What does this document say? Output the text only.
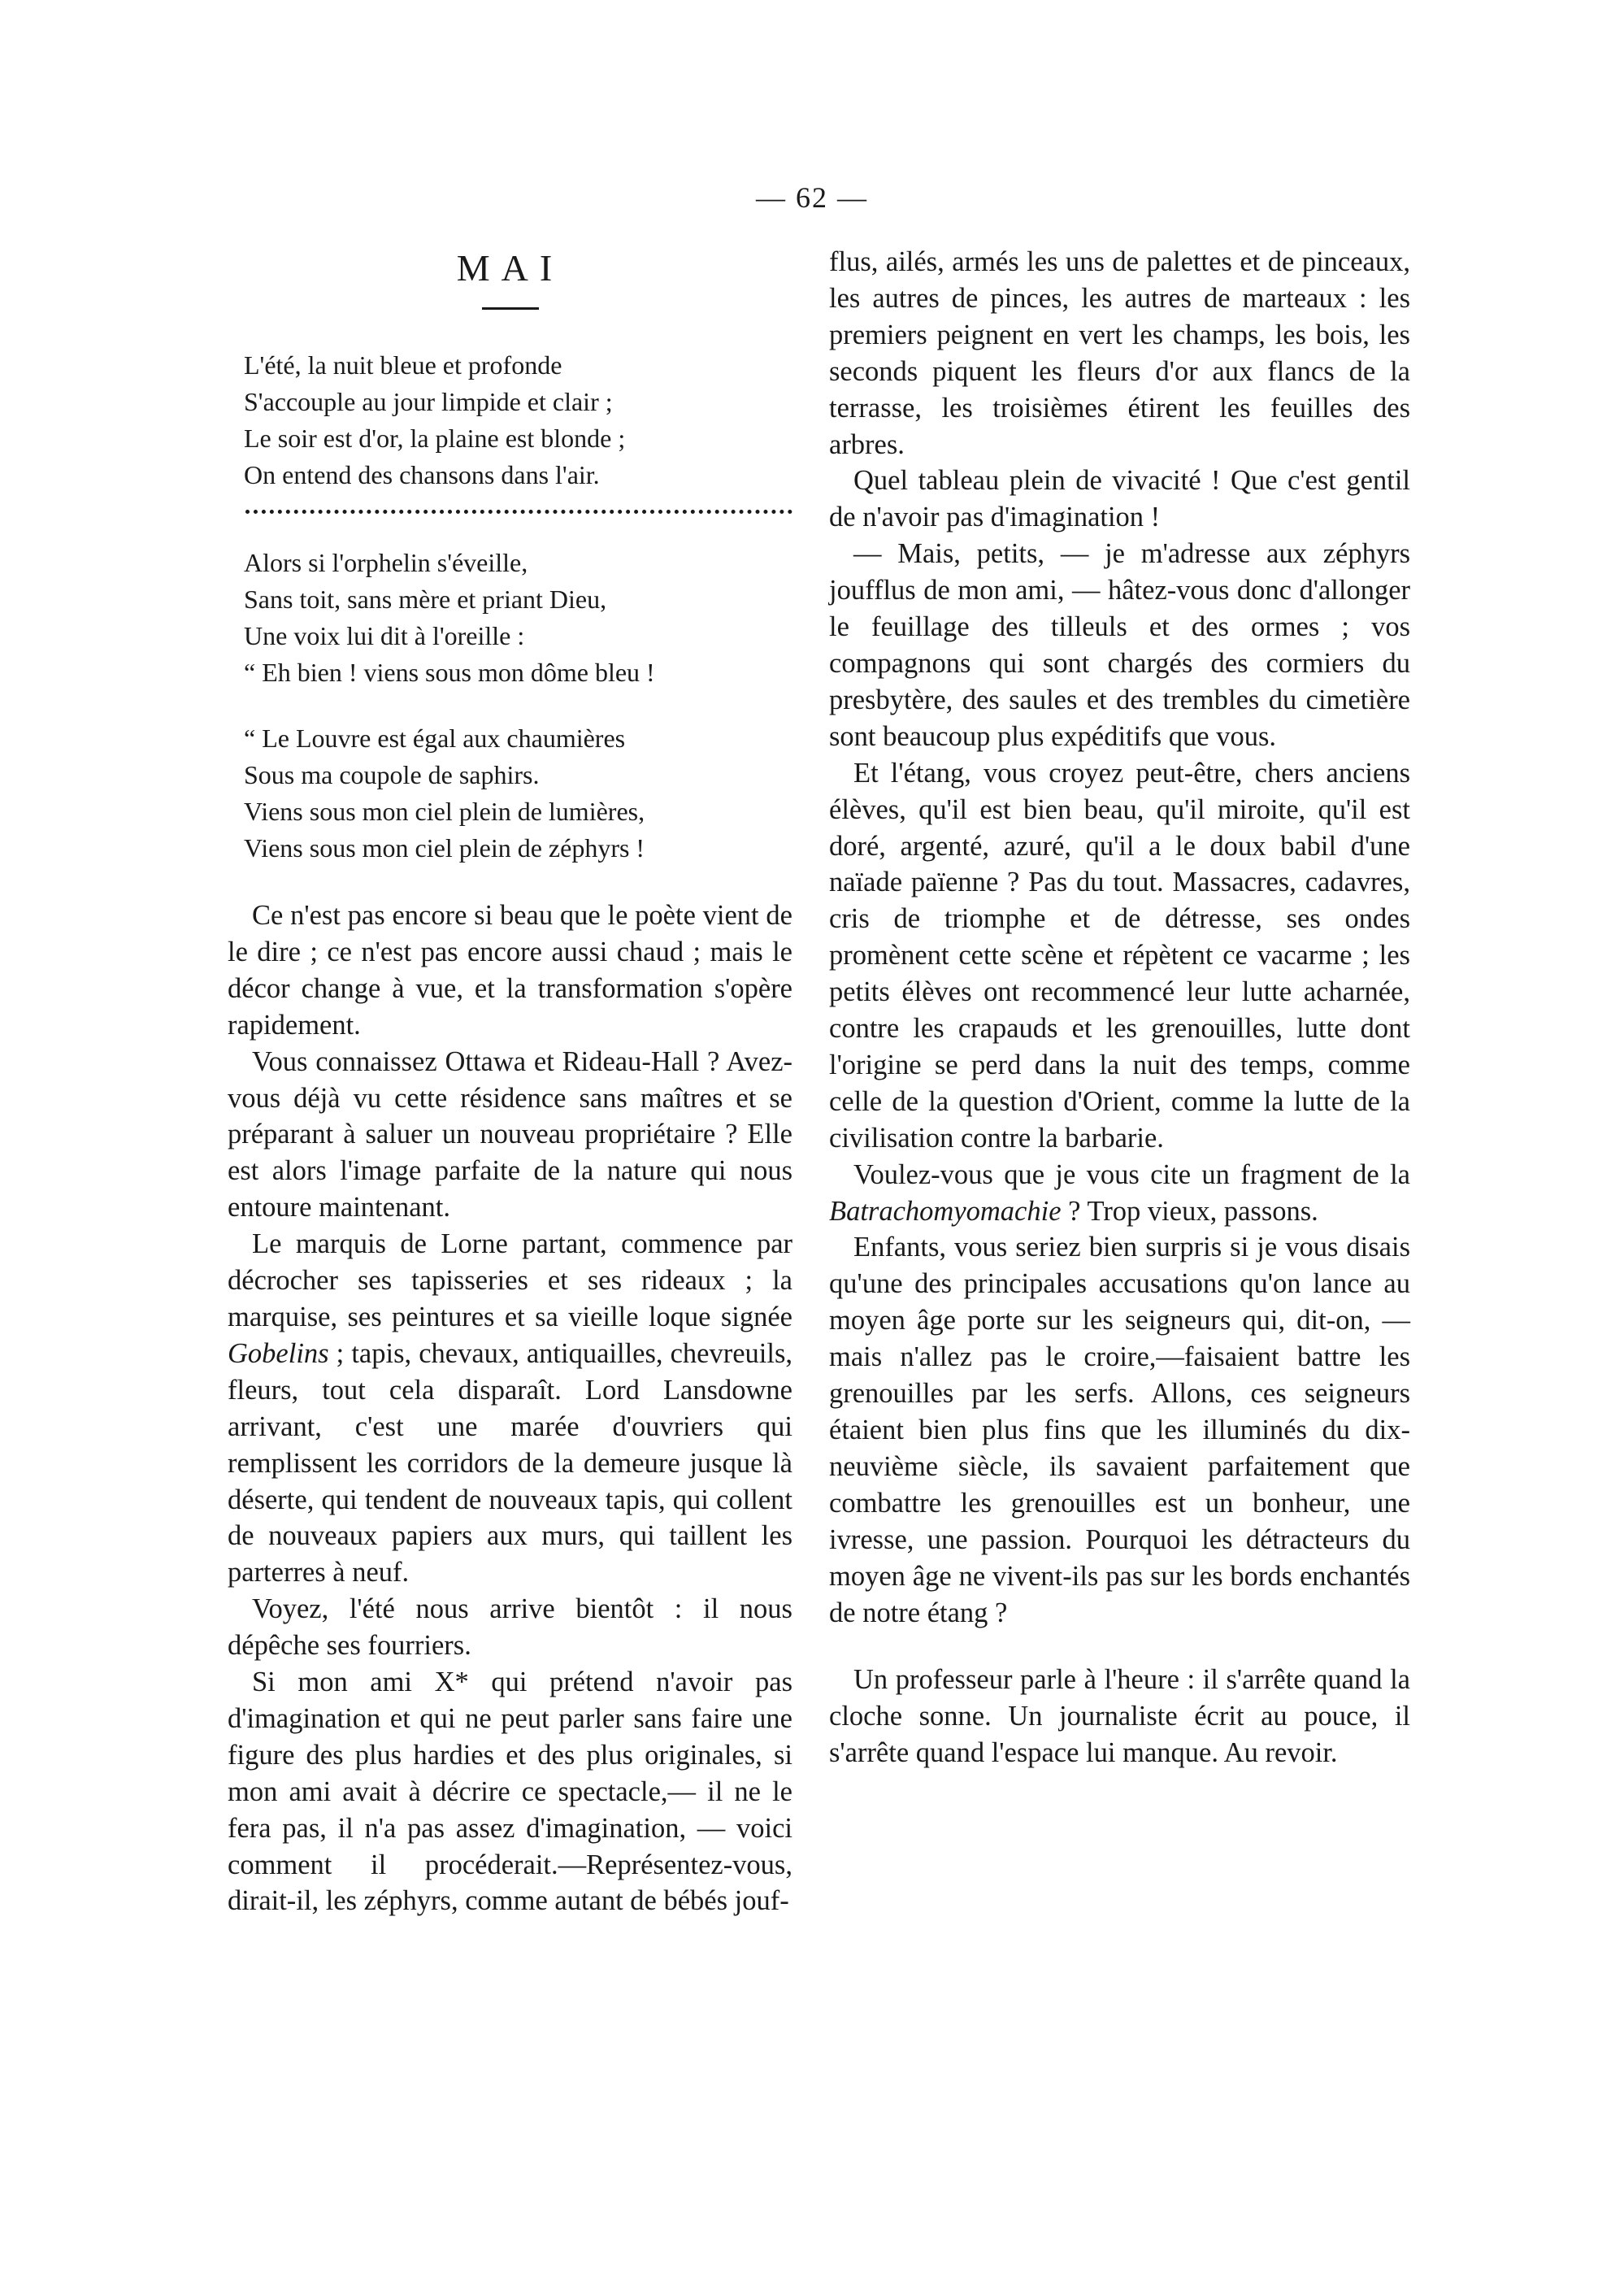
— 62 —
MAI
L'été, la nuit bleue et profonde
S'accouple au jour limpide et clair ;
Le soir est d'or, la plaine est blonde ;
On entend des chansons dans l'air.
Alors si l'orphelin s'éveille,
Sans toit, sans mère et priant Dieu,
Une voix lui dit à l'oreille :
“ Eh bien ! viens sous mon dôme bleu !
“ Le Louvre est égal aux chaumières
Sous ma coupole de saphirs.
Viens sous mon ciel plein de lumières,
Viens sous mon ciel plein de zéphyrs !

Ce n'est pas encore si beau que le poète vient de le dire ; ce n'est pas encore aussi chaud ; mais le décor change à vue, et la transformation s'opère rapidement.

Vous connaissez Ottawa et Rideau-Hall ? Avez-vous déjà vu cette résidence sans maîtres et se préparant à saluer un nouveau propriétaire ? Elle est alors l'image parfaite de la nature qui nous entoure maintenant.

Le marquis de Lorne partant, commence par décrocher ses tapisseries et ses rideaux ; la marquise, ses peintures et sa vieille loque signée Gobelins ; tapis, chevaux, antiquailles, chevreuils, fleurs, tout cela disparaît. Lord Lansdowne arrivant, c'est une marée d'ouvriers qui remplissent les corridors de la demeure jusque là déserte, qui tendent de nouveaux tapis, qui collent de nouveaux papiers aux murs, qui taillent les parterres à neuf.

Voyez, l'été nous arrive bientôt : il nous dépêche ses fourriers.

Si mon ami X* qui prétend n'avoir pas d'imagination et qui ne peut parler sans faire une figure des plus hardies et des plus originales, si mon ami avait à décrire ce spectacle,— il ne le fera pas, il n'a pas assez d'imagination, — voici comment il procéderait.—Représentez-vous, dirait-il, les zéphyrs, comme autant de bébés jouf-

flus, ailés, armés les uns de palettes et de pinceaux, les autres de pinces, les autres de marteaux : les premiers peignent en vert les champs, les bois, les seconds piquent les fleurs d'or aux flancs de la terrasse, les troisièmes étirent les feuilles des arbres.

Quel tableau plein de vivacité ! Que c'est gentil de n'avoir pas d'imagination !

— Mais, petits, — je m'adresse aux zéphyrs joufflus de mon ami, — hâtez-vous donc d'allonger le feuillage des tilleuls et des ormes ; vos compagnons qui sont chargés des cormiers du presbytère, des saules et des trembles du cimetière sont beaucoup plus expéditifs que vous.

Et l'étang, vous croyez peut-être, chers anciens élèves, qu'il est bien beau, qu'il miroite, qu'il est doré, argenté, azuré, qu'il a le doux babil d'une naïade païenne ? Pas du tout. Massacres, cadavres, cris de triomphe et de détresse, ses ondes promènent cette scène et répètent ce vacarme ; les petits élèves ont recommencé leur lutte acharnée, contre les crapauds et les grenouilles, lutte dont l'origine se perd dans la nuit des temps, comme celle de la question d'Orient, comme la lutte de la civilisation contre la barbarie.

Voulez-vous que je vous cite un fragment de la Batrachomyomachie ? Trop vieux, passons.

Enfants, vous seriez bien surpris si je vous disais qu'une des principales accusations qu'on lance au moyen âge porte sur les seigneurs qui, dit-on, — mais n'allez pas le croire,—faisaient battre les grenouilles par les serfs. Allons, ces seigneurs étaient bien plus fins que les illuminés du dix-neuvième siècle, ils savaient parfaitement que combattre les grenouilles est un bonheur, une ivresse, une passion. Pourquoi les détracteurs du moyen âge ne vivent-ils pas sur les bords enchantés de notre étang ?

Un professeur parle à l'heure : il s'arrête quand la cloche sonne. Un journaliste écrit au pouce, il s'arrête quand l'espace lui manque. Au revoir.
